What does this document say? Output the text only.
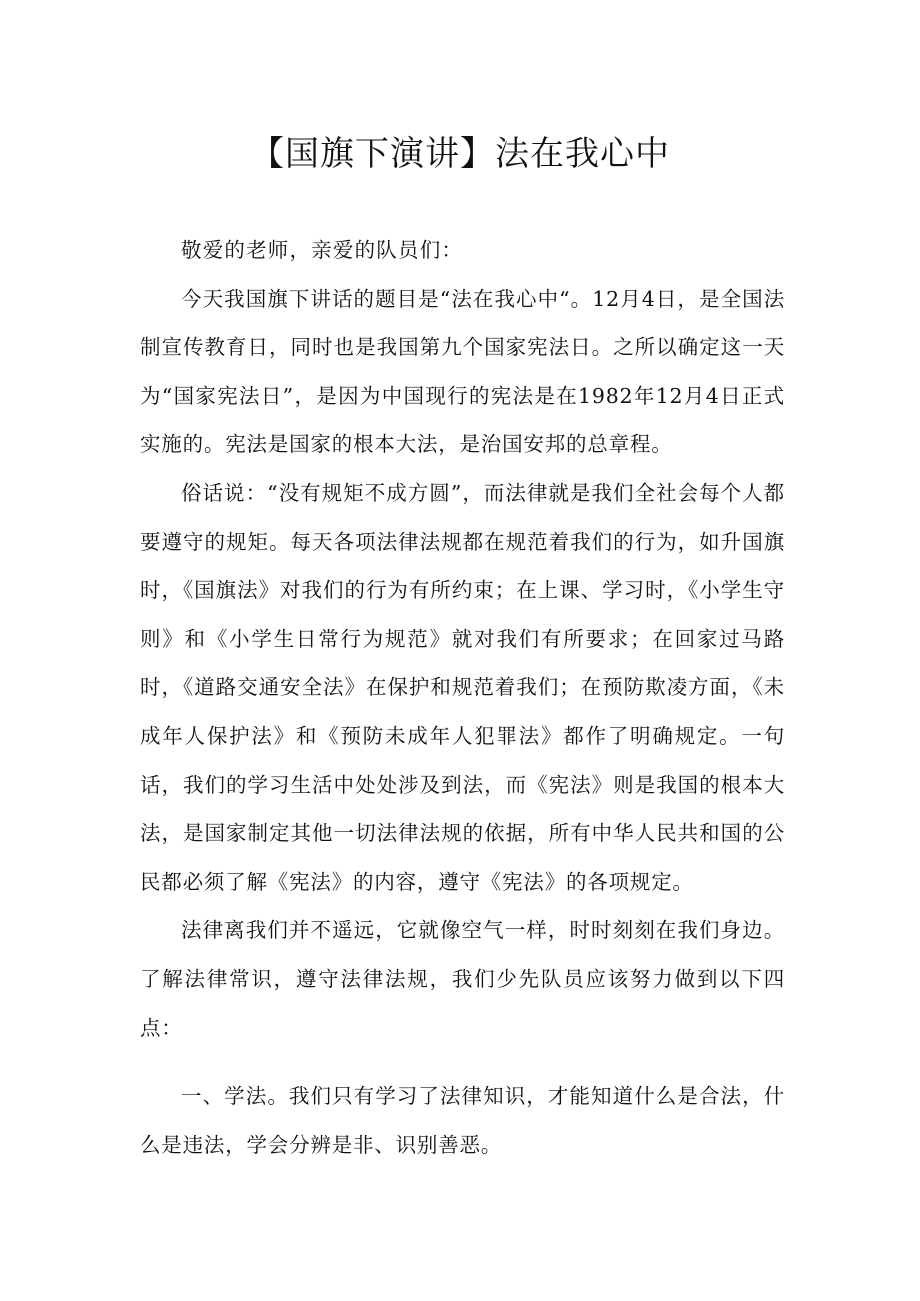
【国旗下演讲】法在我心中

敬爱的老师，亲爱的队员们：

今天我国旗下讲话的题目是“法在我心中“。12月4日，是全国法制宣传教育日，同时也是我国第九个国家宪法日。之所以确定这一天为“国家宪法日”，是因为中国现行的宪法是在1982年12月4日正式实施的。宪法是国家的根本大法，是治国安邦的总章程。

俗话说：“没有规矩不成方圆”，而法律就是我们全社会每个人都要遵守的规矩。每天各项法律法规都在规范着我们的行为，如升国旗时，《国旗法》对我们的行为有所约束；在上课、学习时，《小学生守则》和《小学生日常行为规范》就对我们有所要求；在回家过马路时，《道路交通安全法》在保护和规范着我们；在预防欺凌方面，《未成年人保护法》和《预防未成年人犯罪法》都作了明确规定。一句话，我们的学习生活中处处涉及到法，而《宪法》则是我国的根本大法，是国家制定其他一切法律法规的依据，所有中华人民共和国的公民都必须了解《宪法》的内容，遵守《宪法》的各项规定。

法律离我们并不遥远，它就像空气一样，时时刻刻在我们身边。了解法律常识，遵守法律法规，我们少先队员应该努力做到以下四点：

一、学法。我们只有学习了法律知识，才能知道什么是合法，什么是违法，学会分辨是非、识别善恶。
